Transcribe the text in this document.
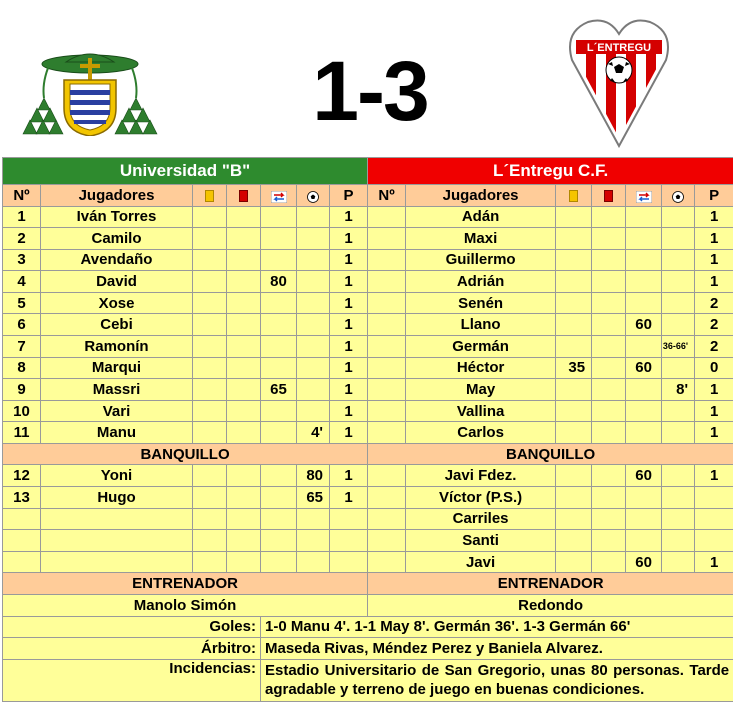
1-3	L´ENTREGU
Universidad "B"							L´Entregu C.F.						
Nº	Jugadores					P	Nº	Jugadores					P
1	Iván Torres					1		Adán					1
2	Camilo					1		Maxi					1
3	Avendaño					1		Guillermo					1
4	David			80		1		Adrián					1
5	Xose					1		Senén					2
6	Cebi					1		Llano			60		2
7	Ramonín					1		Germán				36-66'	2
8	Marqui					1		Héctor	35		60		0
9	Massri			65		1		May				8'	1
10	Vari					1		Vallina					1
11	Manu				4'	1		Carlos					1
BANQUILLO							BANQUILLO						
12	Yoni				80	1		Javi Fdez.			60		1
13	Hugo				65	1		Víctor (P.S.)					
								Carriles					
								Santi					
								Javi			60		1
ENTRENADOR							ENTRENADOR						
Manolo Simón							Redondo						
Goles:				1-0 Manu 4'. 1-1 May 8'. Germán 36'. 1-3 Germán 66'									
Árbitro:				Maseda Rivas, Méndez Perez y Baniela Alvarez.									
Incidencias:				Estadio Universitario de San Gregorio, unas 80 personas. Tarde agradable y terreno de juego en buenas condiciones.									
